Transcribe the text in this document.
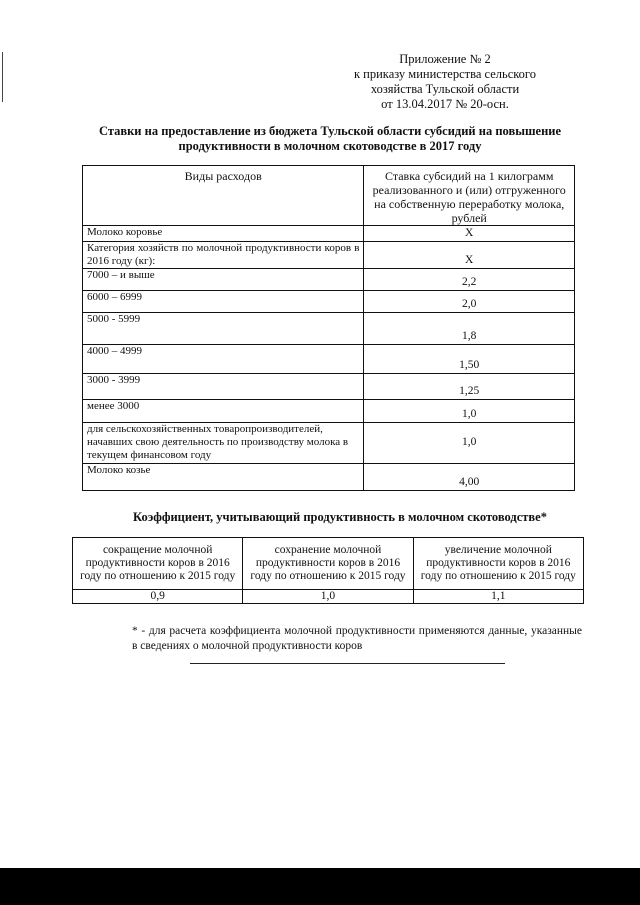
Приложение № 2
к приказу министерства сельского
хозяйства Тульской области
от 13.04.2017 № 20-осн.
Ставки на предоставление из бюджета Тульской области субсидий на повышение
продуктивности в молочном скотоводстве в 2017 году
Виды расходов	Ставка субсидий на 1 килограмм реализованного и (или) отгруженного на собственную переработку молока, рублей
Молоко коровье	Х
Категория хозяйств по молочной продуктивности коров в 2016 году (кг):	Х
7000 – и выше	2,2
6000 – 6999	2,0
5000 - 5999	1,8
4000 – 4999	1,50
3000 - 3999	1,25
менее 3000	1,0
для сельскохозяйственных товаропроизводителей, начавших свою деятельность по производству молока в текущем финансовом году	1,0
Молоко козье	4,00
Коэффициент, учитывающий продуктивность в молочном скотоводстве*
сокращение молочной продуктивности коров в 2016 году по отношению к 2015 году	сохранение молочной продуктивности коров в 2016 году по отношению к 2015 году	увеличение молочной продуктивности коров в 2016 году по отношению к 2015 году
0,9	1,0	1,1
* - для расчета коэффициента молочной продуктивности применяются данные, указанные в сведениях о молочной продуктивности коров
